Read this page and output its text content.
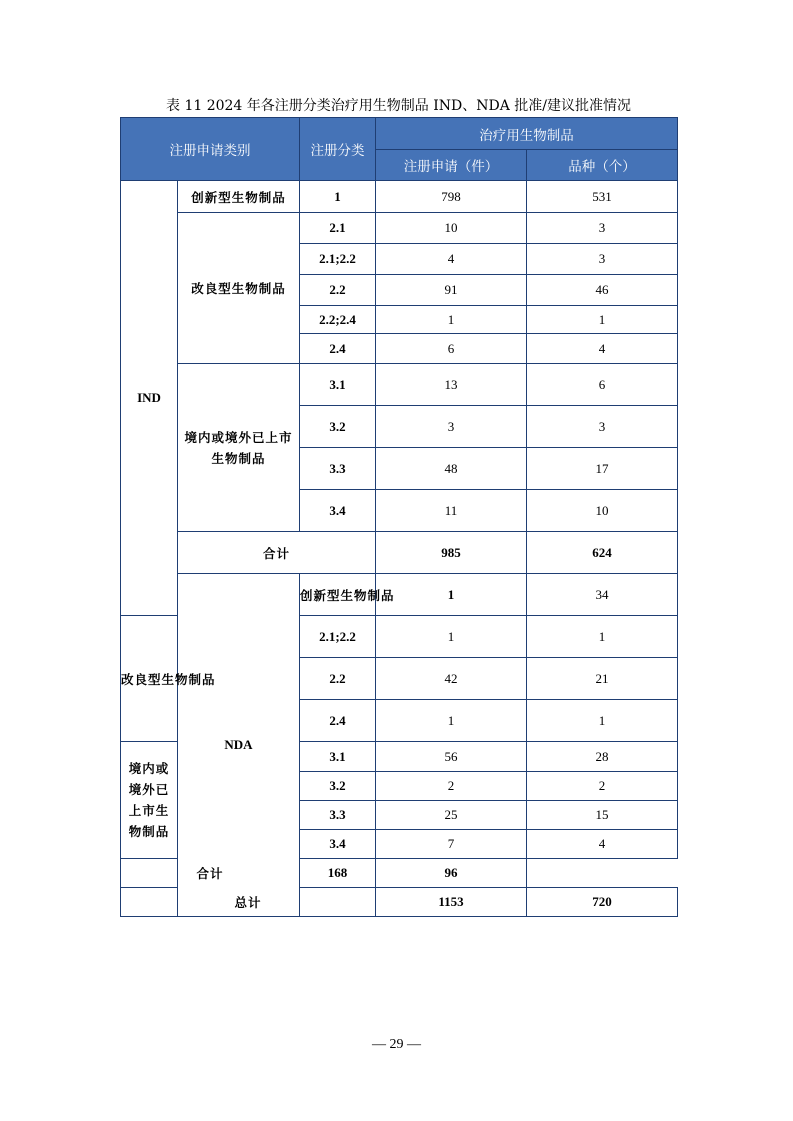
表 11 2024 年各注册分类治疗用生物制品 IND、NDA 批准/建议批准情况
注册申请类别		注册分类	治疗用生物制品		
			注册申请（件）	品种（个）	
IND	创新型生物制品	1	798	531	
	改良型生物制品	2.1	10	3	
		2.1;2.2	4	3	
		2.2	91	46	
		2.2;2.4	1	1	
		2.4	6	4	
	境内或境外已上市生物制品	3.1	13	6	
		3.2	3	3	
		3.3	48	17	
		3.4	11	10	
	合计		985	624	
	NDA	创新型生物制品	1	34	
改良型生物制品		2.1;2.2	1	1	
		2.2	42	21	
		2.4	1	1	
境内或境外已上市生物制品		3.1	56	28	
		3.2	2	2	
		3.3	25	15	
		3.4	7	4	
合计		168	96		
总计			1153	720	
— 29 —
